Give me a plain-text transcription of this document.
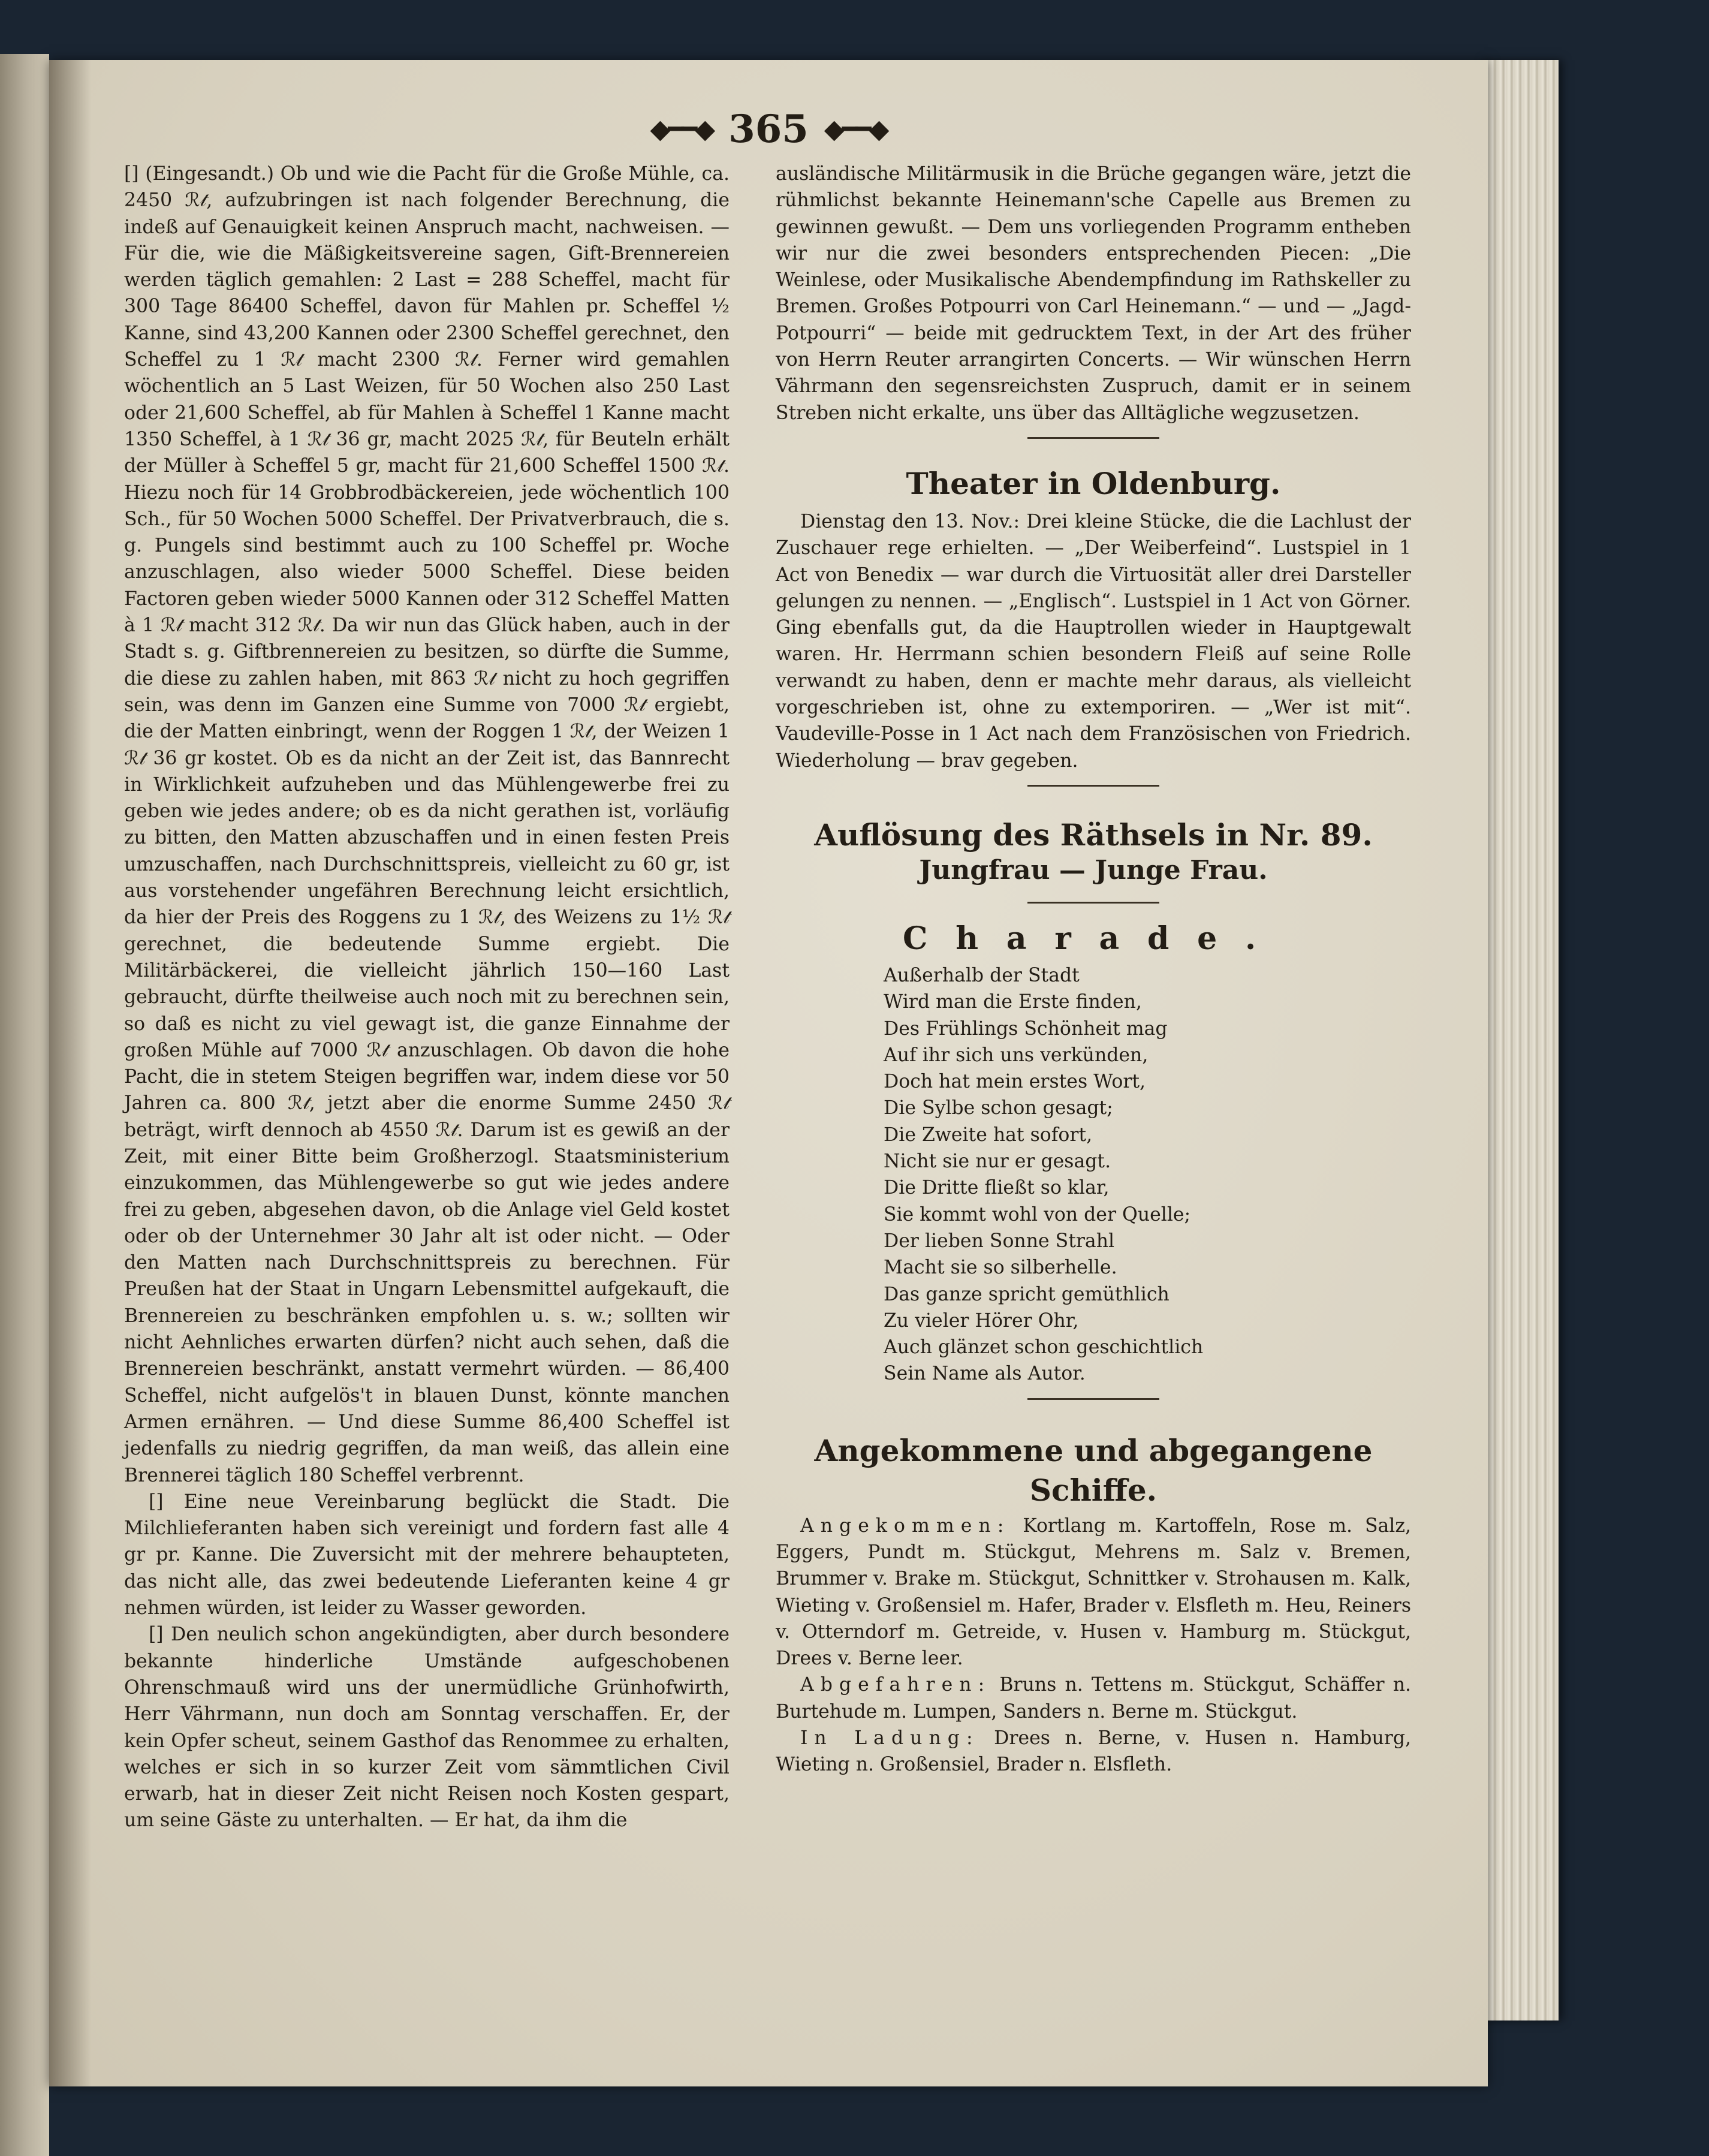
◆━━◆ 365 ◆━━◆

[] (Eingesandt.) Ob und wie die Pacht für die Große Mühle, ca. 2450 ℛ𝓉, aufzubringen ist nach folgender Berechnung, die indeß auf Genauigkeit keinen Anspruch macht, nachweisen. — Für die, wie die Mäßigkeitsvereine sagen, Gift-Brennereien werden täglich gemahlen: 2 Last = 288 Scheffel, macht für 300 Tage 86400 Scheffel, davon für Mahlen pr. Scheffel ½ Kanne, sind 43,200 Kannen oder 2300 Scheffel gerechnet, den Scheffel zu 1 ℛ𝓉 macht 2300 ℛ𝓉. Ferner wird gemahlen wöchentlich an 5 Last Weizen, für 50 Wochen also 250 Last oder 21,600 Scheffel, ab für Mahlen à Scheffel 1 Kanne macht 1350 Scheffel, à 1 ℛ𝓉 36 gr, macht 2025 ℛ𝓉, für Beuteln erhält der Müller à Scheffel 5 gr, macht für 21,600 Scheffel 1500 ℛ𝓉. Hiezu noch für 14 Grobbrodbäckereien, jede wöchentlich 100 Sch., für 50 Wochen 5000 Scheffel. Der Privatverbrauch, die s. g. Pungels sind bestimmt auch zu 100 Scheffel pr. Woche anzuschlagen, also wieder 5000 Scheffel. Diese beiden Factoren geben wieder 5000 Kannen oder 312 Scheffel Matten à 1 ℛ𝓉 macht 312 ℛ𝓉. Da wir nun das Glück haben, auch in der Stadt s. g. Giftbrennereien zu besitzen, so dürfte die Summe, die diese zu zahlen haben, mit 863 ℛ𝓉 nicht zu hoch gegriffen sein, was denn im Ganzen eine Summe von 7000 ℛ𝓉 ergiebt, die der Matten einbringt, wenn der Roggen 1 ℛ𝓉, der Weizen 1 ℛ𝓉 36 gr kostet. Ob es da nicht an der Zeit ist, das Bannrecht in Wirklichkeit aufzuheben und das Mühlengewerbe frei zu geben wie jedes andere; ob es da nicht gerathen ist, vorläufig zu bitten, den Matten abzuschaffen und in einen festen Preis umzuschaffen, nach Durchschnittspreis, vielleicht zu 60 gr, ist aus vorstehender ungefähren Berechnung leicht ersichtlich, da hier der Preis des Roggens zu 1 ℛ𝓉, des Weizens zu 1½ ℛ𝓉 gerechnet, die bedeutende Summe ergiebt. Die Militärbäckerei, die vielleicht jährlich 150—160 Last gebraucht, dürfte theilweise auch noch mit zu berechnen sein, so daß es nicht zu viel gewagt ist, die ganze Einnahme der großen Mühle auf 7000 ℛ𝓉 anzuschlagen. Ob davon die hohe Pacht, die in stetem Steigen begriffen war, indem diese vor 50 Jahren ca. 800 ℛ𝓉, jetzt aber die enorme Summe 2450 ℛ𝓉 beträgt, wirft dennoch ab 4550 ℛ𝓉. Darum ist es gewiß an der Zeit, mit einer Bitte beim Großherzogl. Staatsministerium einzukommen, das Mühlengewerbe so gut wie jedes andere frei zu geben, abgesehen davon, ob die Anlage viel Geld kostet oder ob der Unternehmer 30 Jahr alt ist oder nicht. — Oder den Matten nach Durchschnittspreis zu berechnen. Für Preußen hat der Staat in Ungarn Lebensmittel aufgekauft, die Brennereien zu beschränken empfohlen u. s. w.; sollten wir nicht Aehnliches erwarten dürfen? nicht auch sehen, daß die Brennereien beschränkt, anstatt vermehrt würden. — 86,400 Scheffel, nicht aufgelös't in blauen Dunst, könnte manchen Armen ernähren. — Und diese Summe 86,400 Scheffel ist jedenfalls zu niedrig gegriffen, da man weiß, das allein eine Brennerei täglich 180 Scheffel verbrennt.

[] Eine neue Vereinbarung beglückt die Stadt. Die Milchlieferanten haben sich vereinigt und fordern fast alle 4 gr pr. Kanne. Die Zuversicht mit der mehrere behaupteten, das nicht alle, das zwei bedeutende Lieferanten keine 4 gr nehmen würden, ist leider zu Wasser geworden.

[] Den neulich schon angekündigten, aber durch besondere bekannte hinderliche Umstände aufgeschobenen Ohrenschmauß wird uns der unermüdliche Grünhofwirth, Herr Vährmann, nun doch am Sonntag verschaffen. Er, der kein Opfer scheut, seinem Gasthof das Renommee zu erhalten, welches er sich in so kurzer Zeit vom sämmtlichen Civil erwarb, hat in dieser Zeit nicht Reisen noch Kosten gespart, um seine Gäste zu unterhalten. — Er hat, da ihm die

ausländische Militärmusik in die Brüche gegangen wäre, jetzt die rühmlichst bekannte Heinemann'sche Capelle aus Bremen zu gewinnen gewußt. — Dem uns vorliegenden Programm entheben wir nur die zwei besonders entsprechenden Piecen: „Die Weinlese, oder Musikalische Abendempfindung im Rathskeller zu Bremen. Großes Potpourri von Carl Heinemann.“ — und — „Jagd-Potpourri“ — beide mit gedrucktem Text, in der Art des früher von Herrn Reuter arrangirten Concerts. — Wir wünschen Herrn Vährmann den segensreichsten Zuspruch, damit er in seinem Streben nicht erkalte, uns über das Alltägliche wegzusetzen.

Theater in Oldenburg.

Dienstag den 13. Nov.: Drei kleine Stücke, die die Lachlust der Zuschauer rege erhielten. — „Der Weiberfeind“. Lustspiel in 1 Act von Benedix — war durch die Virtuosität aller drei Darsteller gelungen zu nennen. — „Englisch“. Lustspiel in 1 Act von Görner. Ging ebenfalls gut, da die Hauptrollen wieder in Hauptgewalt waren. Hr. Herrmann schien besondern Fleiß auf seine Rolle verwandt zu haben, denn er machte mehr daraus, als vielleicht vorgeschrieben ist, ohne zu extemporiren. — „Wer ist mit“. Vaudeville-Posse in 1 Act nach dem Französischen von Friedrich. Wiederholung — brav gegeben.

Auflösung des Räthsels in Nr. 89.

Jungfrau — Junge Frau.

Charade.
Außerhalb der Stadt
Wird man die Erste finden,
Des Frühlings Schönheit mag
Auf ihr sich uns verkünden,
Doch hat mein erstes Wort,
Die Sylbe schon gesagt;
Die Zweite hat sofort,
Nicht sie nur er gesagt.
Die Dritte fließt so klar,
Sie kommt wohl von der Quelle;
Der lieben Sonne Strahl
Macht sie so silberhelle.
Das ganze spricht gemüthlich
Zu vieler Hörer Ohr,
Auch glänzet schon geschichtlich
Sein Name als Autor.
Angekommene und abgegangene Schiffe.

Angekommen: Kortlang m. Kartoffeln, Rose m. Salz, Eggers, Pundt m. Stückgut, Mehrens m. Salz v. Bremen, Brummer v. Brake m. Stückgut, Schnittker v. Strohausen m. Kalk, Wieting v. Großensiel m. Hafer, Brader v. Elsfleth m. Heu, Reiners v. Otterndorf m. Getreide, v. Husen v. Hamburg m. Stückgut, Drees v. Berne leer.

Abgefahren: Bruns n. Tettens m. Stückgut, Schäffer n. Burtehude m. Lumpen, Sanders n. Berne m. Stückgut.

In Ladung: Drees n. Berne, v. Husen n. Hamburg, Wieting n. Großensiel, Brader n. Elsfleth.
